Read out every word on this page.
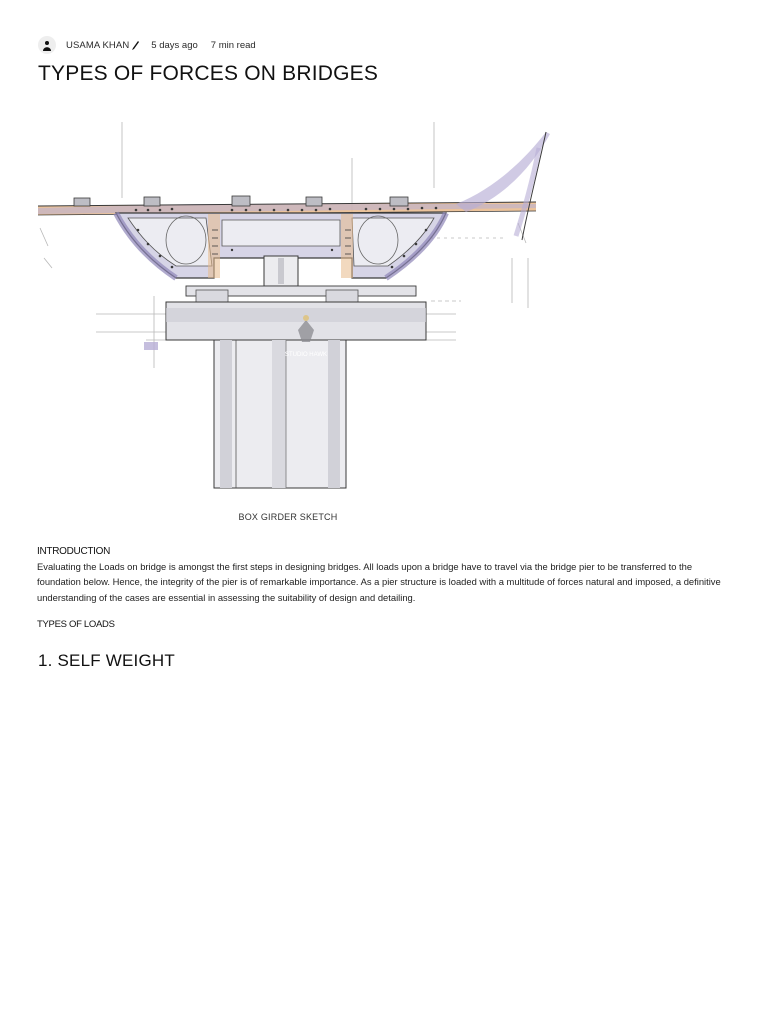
USAMA KHAN 5 days ago 7 min read
TYPES OF FORCES ON BRIDGES
STUDIO HAWK

BOX GIRDER SKETCH

INTRODUCTION

Evaluating the Loads on bridge is amongst the first steps in designing bridges. All loads upon a bridge have to travel via the bridge pier to be transferred to the foundation below. Hence, the integrity of the pier is of remarkable importance. As a pier structure is loaded with a multitude of forces natural and imposed, a definitive understanding of the cases are essential in assessing the suitability of design and detailing.

TYPES OF LOADS
1. SELF WEIGHT
